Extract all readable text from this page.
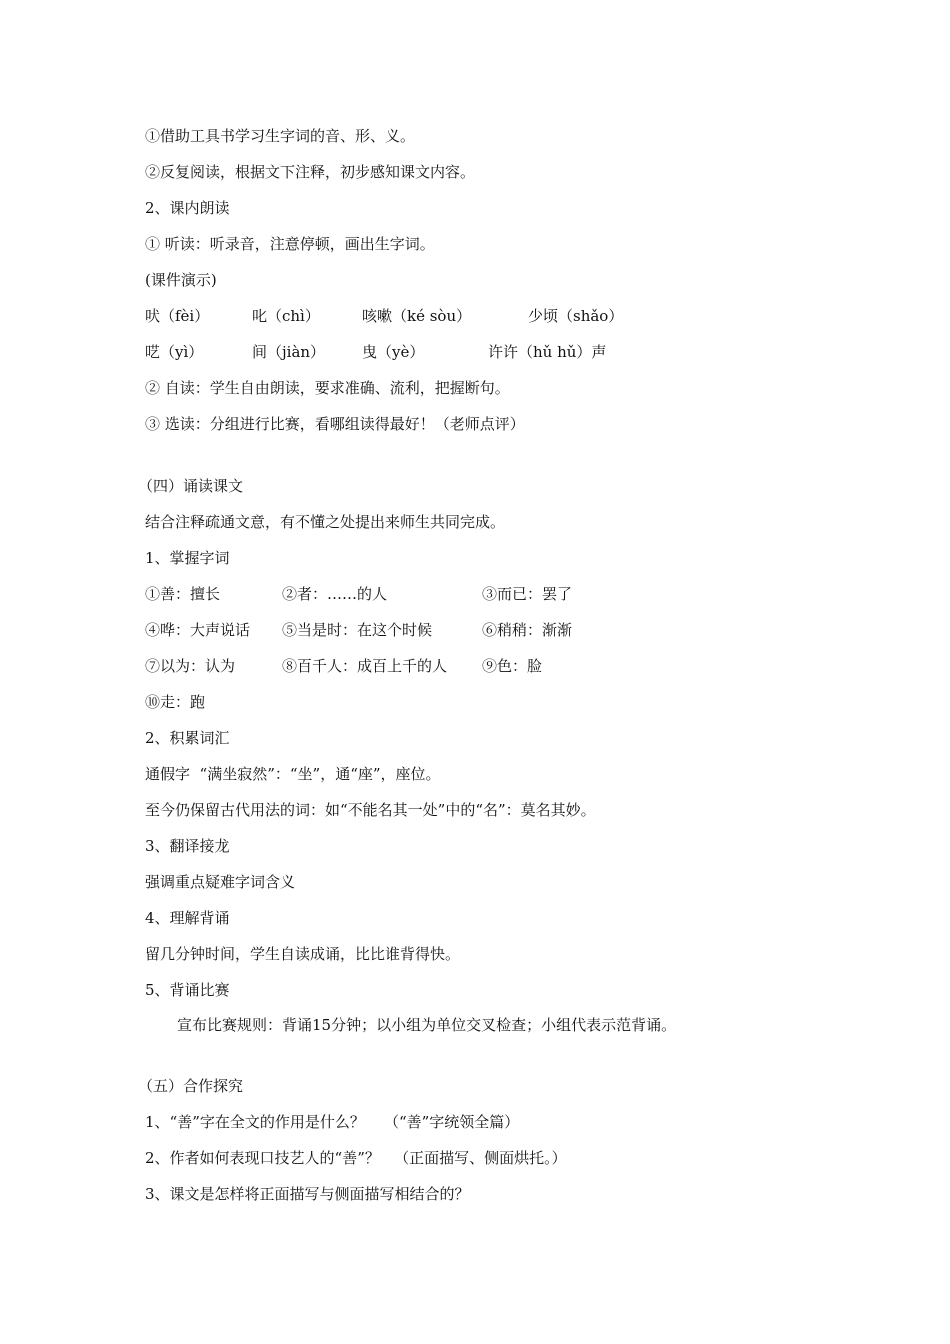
①借助工具书学习生字词的音、形、义。
②反复阅读，根据文下注释，初步感知课文内容。
2、课内朗读
① 听读：听录音，注意停顿，画出生字词。
(课件演示)
吠（fèi）	叱（chì）	咳嗽（ké sòu）	少顷（shǎo）
呓（yì）	间（jiàn） 曳（yè）	许许（hǔ hǔ）声
② 自读：学生自由朗读，要求准确、流利，把握断句。
③ 选读：分组进行比赛，看哪组读得最好！（老师点评）
（四）诵读课文
结合注释疏通文意，有不懂之处提出来师生共同完成。
1、掌握字词
①善：擅长	②者：……的人	③而已：罢了
④哗：大声说话 ⑤当是时：在这个时候	⑥稍稍：渐渐
⑦以为：认为	⑧百千人：成百上千的人 ⑨色：脸
⑩走：跑
2、积累词汇
通假字  “满坐寂然”：“坐”，通“座”，座位。
至今仍保留古代用法的词：如“不能名其一处”中的“名”：莫名其妙。
3、翻译接龙
强调重点疑难字词含义
4、理解背诵
留几分钟时间，学生自读成诵，比比谁背得快。
5、背诵比赛
宣布比赛规则：背诵15分钟；以小组为单位交叉检查；小组代表示范背诵。
（五）合作探究
1、“善”字在全文的作用是什么？    （“善”字统领全篇）
2、作者如何表现口技艺人的“善”？   （正面描写、侧面烘托。）
3、课文是怎样将正面描写与侧面描写相结合的？
